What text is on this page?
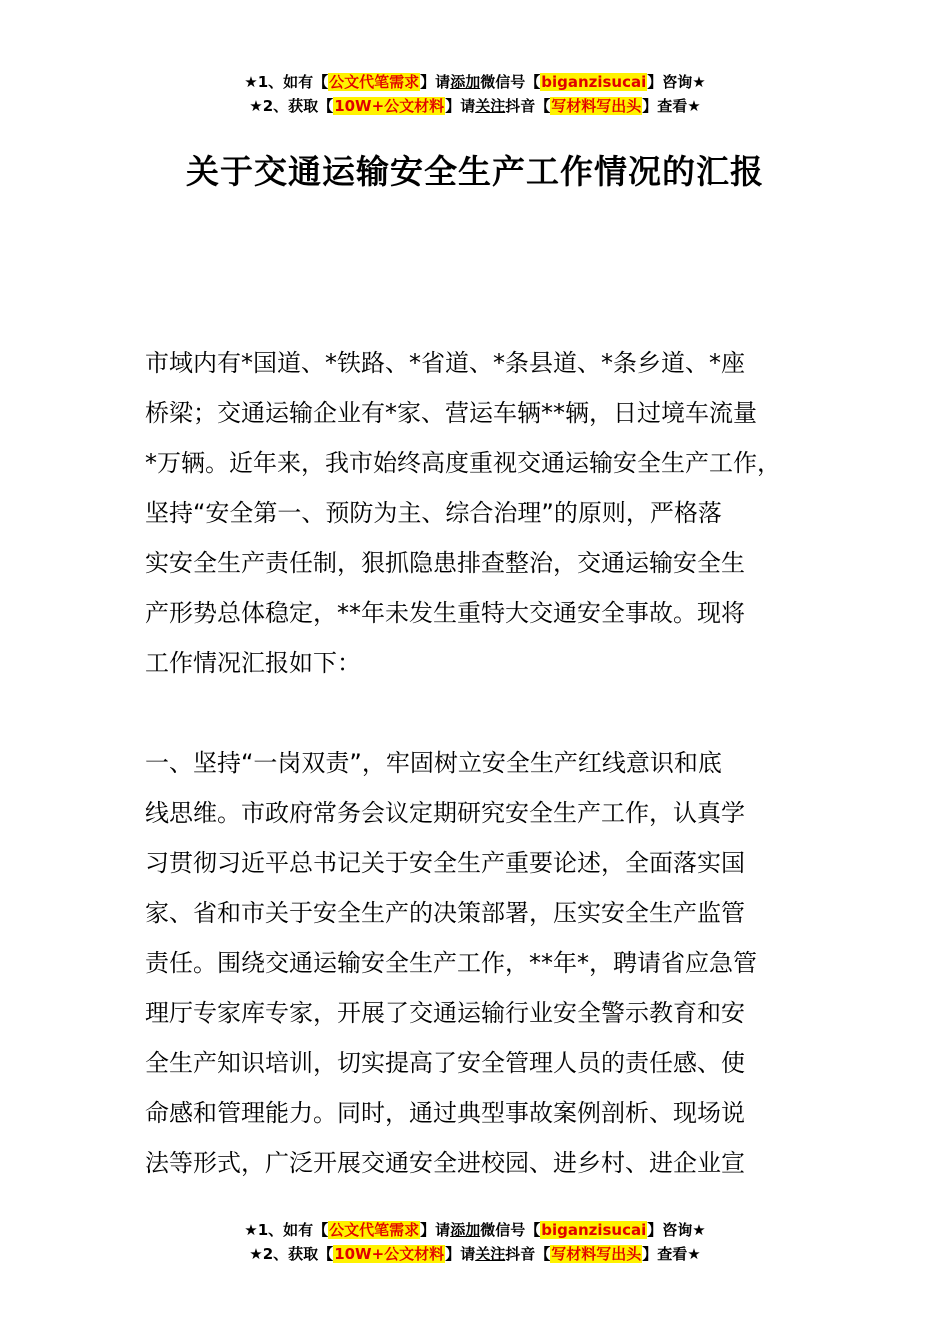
★1、如有【公文代笔需求】请添加微信号【biganzisucai】咨询★
★2、获取【10W+公文材料】请关注抖音【写材料写出头】查看★
关于交通运输安全生产工作情况的汇报
市域内有*国道、*铁路、*省道、*条县道、*条乡道、*座
桥梁；交通运输企业有*家、营运车辆**辆，日过境车流量
*万辆。近年来，我市始终高度重视交通运输安全生产工作，
坚持“安全第一、预防为主、综合治理”的原则，严格落
实安全生产责任制，狠抓隐患排查整治，交通运输安全生
产形势总体稳定，**年未发生重特大交通安全事故。现将
工作情况汇报如下：
一、坚持“一岗双责”，牢固树立安全生产红线意识和底
线思维。市政府常务会议定期研究安全生产工作，认真学
习贯彻习近平总书记关于安全生产重要论述，全面落实国
家、省和市关于安全生产的决策部署，压实安全生产监管
责任。围绕交通运输安全生产工作，**年*，聘请省应急管
理厅专家库专家，开展了交通运输行业安全警示教育和安
全生产知识培训，切实提高了安全管理人员的责任感、使
命感和管理能力。同时，通过典型事故案例剖析、现场说
法等形式，广泛开展交通安全进校园、进乡村、进企业宣
★1、如有【公文代笔需求】请添加微信号【biganzisucai】咨询★
★2、获取【10W+公文材料】请关注抖音【写材料写出头】查看★
